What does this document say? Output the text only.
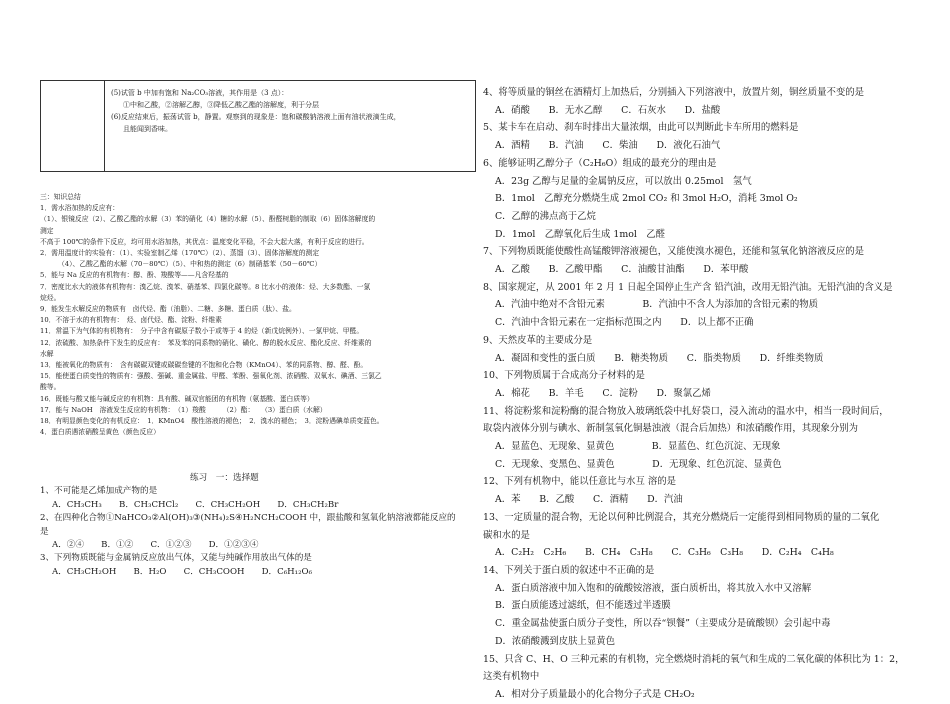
(5)试管 b 中加有饱和 Na₂CO₃溶液，其作用是（3 点）：
①中和乙酸，②溶解乙醇，③降低乙酸乙酯的溶解度，利于分层
(6)反应结束后，振荡试管 b，静置。观察到的现象是：饱和碳酸钠溶液上面有油状液滴生成，
且能闻到香味。
三：知识总结
1．需水浴加热的反应有：
（1）、银镜反应（2）、乙酸乙酯的水解（3）苯的硝化（4）糖的水解（5）、酚醛树脂的制取（6）固体溶解度的
测定
不高于 100℃的条件下反应，均可用水浴加热，其优点：温度变化平稳，不会大起大落，有利于反应的进行。
2．需用温度计的实验有：（1）、实验室制乙烯（170℃）（2）、蒸馏（3）、固体溶解度的测定
（4）、乙酸乙酯的水解（70－80℃）（5）、中和热的测定（6）制硝基苯（50－60℃）
5．能与 Na 反应的有机物有：醇、酚、羧酸等——凡含羟基的
7．密度比水大的液体有机物有：溴乙烷、溴苯、硝基苯、四氯化碳等。8 比水小的液体：烃、大多数酯、一氯
烷烃。
9．能发生水解反应的物质有　卤代烃、酯（油脂）、二糖、多糖、蛋白质（肽）、盐。
10．不溶于水的有机物有：　烃、卤代烃、酯、淀粉、纤维素
11．常温下为气体的有机物有：　分子中含有碳原子数小于或等于 4 的烃（新戊烷例外）、一氯甲烷、甲醛。
12．浓硫酸、加热条件下发生的反应有：　苯及苯的同系物的硝化、磺化、醇的脱水反应、酯化反应、纤维素的
水解
13．能被氧化的物质有：　含有碳碳双键或碳碳叁键的不饱和化合物（KMnO4）、苯的同系物、醇、醛、酚。
15．能使蛋白质变性的物质有：强酸、强碱、重金属盐、甲醛、苯酚、强氧化剂、浓硝酸、双氧水、碘酒、三氯乙
酸等。
16．既能与酸又能与碱反应的有机物：具有酸、碱双官能团的有机物（氨基酸、蛋白质等）
17．能与 NaOH　溶液发生反应的有机物：　（1）羧酸　　　（2）酯：　　（3）蛋白质（水解）
18．有明显颜色变化的有机反应：　1．KMnO4　酸性溶液的褪色；　2．溴水的褪色；　3．淀粉遇碘单质变蓝色。
4．蛋白质遇浓硝酸呈黄色（颜色反应）
练习　一：选择题
1、不可能是乙烯加成产物的是
A．CH₃CH₃　　B．CH₃CHCl₂　　C．CH₃CH₂OH　　D．CH₃CH₂Br
2、在四种化合物①NaHCO₃②Al(OH)₃③(NH₄)₂S④H₂NCH₂COOH 中，跟盐酸和氢氧化钠溶液都能反应的
是
A．②④　　B．①②　　C．①②③　　D．①②③④
3、下列物质既能与金属钠反应放出气体，又能与纯碱作用放出气体的是
A．CH₃CH₂OH　　B．H₂O　　C．CH₃COOH　　D．C₆H₁₂O₆
4、将等质量的铜丝在酒精灯上加热后，分别插入下列溶液中，放置片刻，铜丝质量不变的是
A．硝酸　　B．无水乙醇　　C．石灰水　　D．盐酸
5、某卡车在启动、刹车时排出大量浓烟，由此可以判断此卡车所用的燃料是
A．酒精　　B．汽油　　C．柴油　　D．液化石油气
6、能够证明乙醇分子（C₂H₆O）组成的最充分的理由是
A．23g 乙醇与足量的金属钠反应，可以放出 0.25mol　氢气
B．1mol　乙醇充分燃烧生成 2mol CO₂ 和 3mol H₂O，消耗 3mol O₂
C．乙醇的沸点高于乙烷
D．1mol　乙醇氧化后生成 1mol　乙醛
7、下列物质既能使酸性高锰酸钾溶液褪色，又能使溴水褪色，还能和氢氧化钠溶液反应的是
A．乙酸　　B．乙酸甲酯　　C．油酸甘油酯　　D．苯甲酸
8、国家规定，从 2001 年 2 月 1 日起全国停止生产含 铅汽油，改用无铅汽油。无铅汽油的含义是
A．汽油中绝对不含铅元素　　　　B．汽油中不含人为添加的含铅元素的物质
C．汽油中含铅元素在一定指标范围之内　　D．以上都不正确
9、天然皮革的主要成分是
A．凝固和变性的蛋白质　　B．糖类物质　　C．脂类物质　　D．纤维类物质
10、下列物质属于合成高分子材料的是
A．棉花　　B．羊毛　　C．淀粉　　D．聚氯乙烯
11、将淀粉浆和淀粉酶的混合物放入玻璃纸袋中扎好袋口，浸入流动的温水中，相当一段时间后，
取袋内液体分别与碘水、新制氢氧化铜悬浊液（混合后加热）和浓硝酸作用，其现象分别为
A．显蓝色、无现象、显黄色　　　　B．显蓝色、红色沉淀、无现象
C．无现象、变黑色、显黄色　　　　D．无现象、红色沉淀、显黄色
12、下列有机物中，能以任意比与水互 溶的是
A．苯　　B．乙酸　　C．酒精　　D．汽油
13、一定质量的混合物，无论以何种比例混合，其充分燃烧后一定能得到相同物质的量的二氧化
碳和水的是
A．C₂H₂　C₂H₆　　B．CH₄　C₃H₈　　C．C₃H₆　C₃H₈　　D．C₂H₄　C₄H₈
14、下列关于蛋白质的叙述中不正确的是
A．蛋白质溶液中加入饱和的硫酸铵溶液，蛋白质析出，将其放入水中又溶解
B．蛋白质能透过滤纸，但不能透过半透膜
C．重金属盐使蛋白质分子变性，所以吞“钡餐”（主要成分是硫酸钡）会引起中毒
D．浓硝酸溅到皮肤上显黄色
15、只含 C、H、O 三种元素的有机物，完全燃烧时消耗的氧气和生成的二氧化碳的体积比为 1：2，
这类有机物中
A．相对分子质量最小的化合物分子式是 CH₂O₂
